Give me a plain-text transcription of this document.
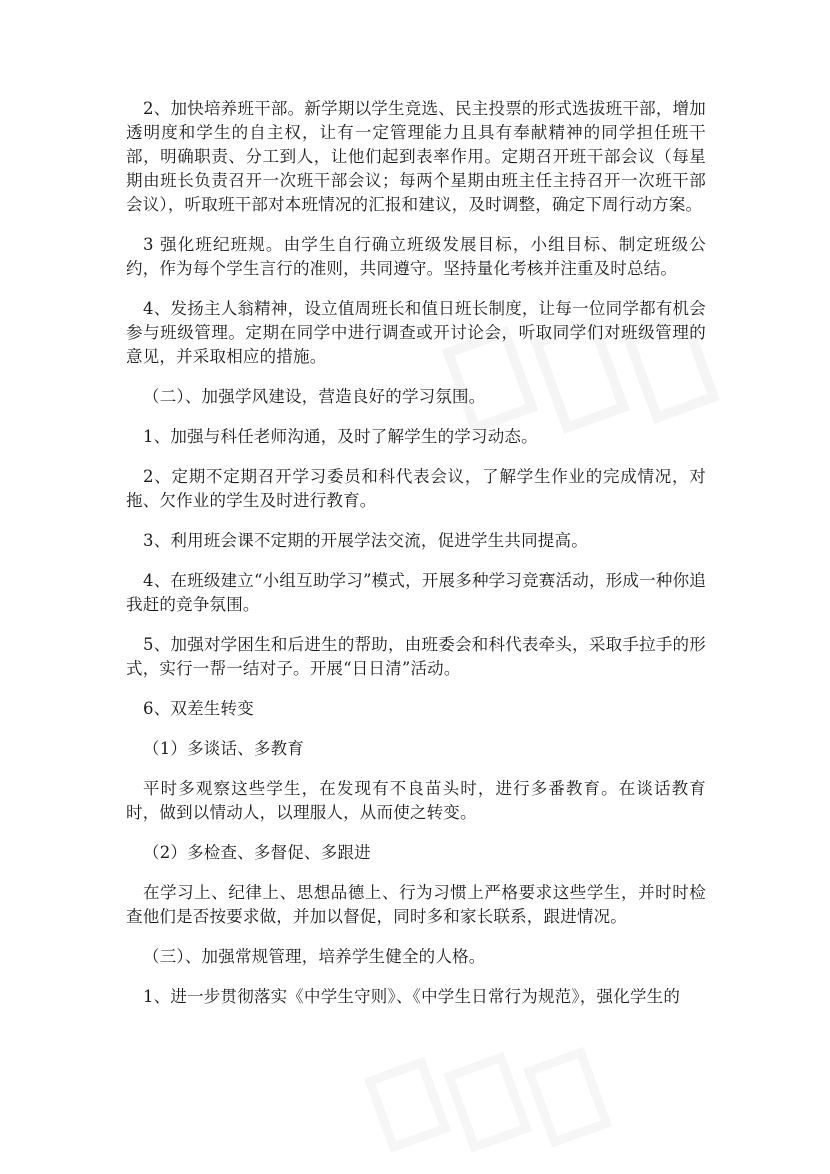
2、加快培养班干部。新学期以学生竞选、民主投票的形式选拔班干部，增加透明度和学生的自主权，让有一定管理能力且具有奉献精神的同学担任班干部，明确职责、分工到人，让他们起到表率作用。定期召开班干部会议（每星期由班长负责召开一次班干部会议；每两个星期由班主任主持召开一次班干部会议），听取班干部对本班情况的汇报和建议，及时调整，确定下周行动方案。

3 强化班纪班规。由学生自行确立班级发展目标，小组目标、制定班级公约，作为每个学生言行的准则，共同遵守。坚持量化考核并注重及时总结。

4、发扬主人翁精神，设立值周班长和值日班长制度，让每一位同学都有机会参与班级管理。定期在同学中进行调查或开讨论会，听取同学们对班级管理的意见，并采取相应的措施。

（二）、加强学风建设，营造良好的学习氛围。

1、加强与科任老师沟通，及时了解学生的学习动态。

2、定期不定期召开学习委员和科代表会议，了解学生作业的完成情况，对拖、欠作业的学生及时进行教育。

3、利用班会课不定期的开展学法交流，促进学生共同提高。

4、在班级建立“小组互助学习”模式，开展多种学习竞赛活动，形成一种你追我赶的竞争氛围。

5、加强对学困生和后进生的帮助，由班委会和科代表牵头，采取手拉手的形式，实行一帮一结对子。开展“日日清”活动。

6、双差生转变

（1）多谈话、多教育

平时多观察这些学生，在发现有不良苗头时，进行多番教育。在谈话教育时，做到以情动人，以理服人，从而使之转变。

（2）多检查、多督促、多跟进

在学习上、纪律上、思想品德上、行为习惯上严格要求这些学生，并时时检查他们是否按要求做，并加以督促，同时多和家长联系，跟进情况。

（三）、加强常规管理，培养学生健全的人格。

1、进一步贯彻落实《中学生守则》、《中学生日常行为规范》，强化学生的
